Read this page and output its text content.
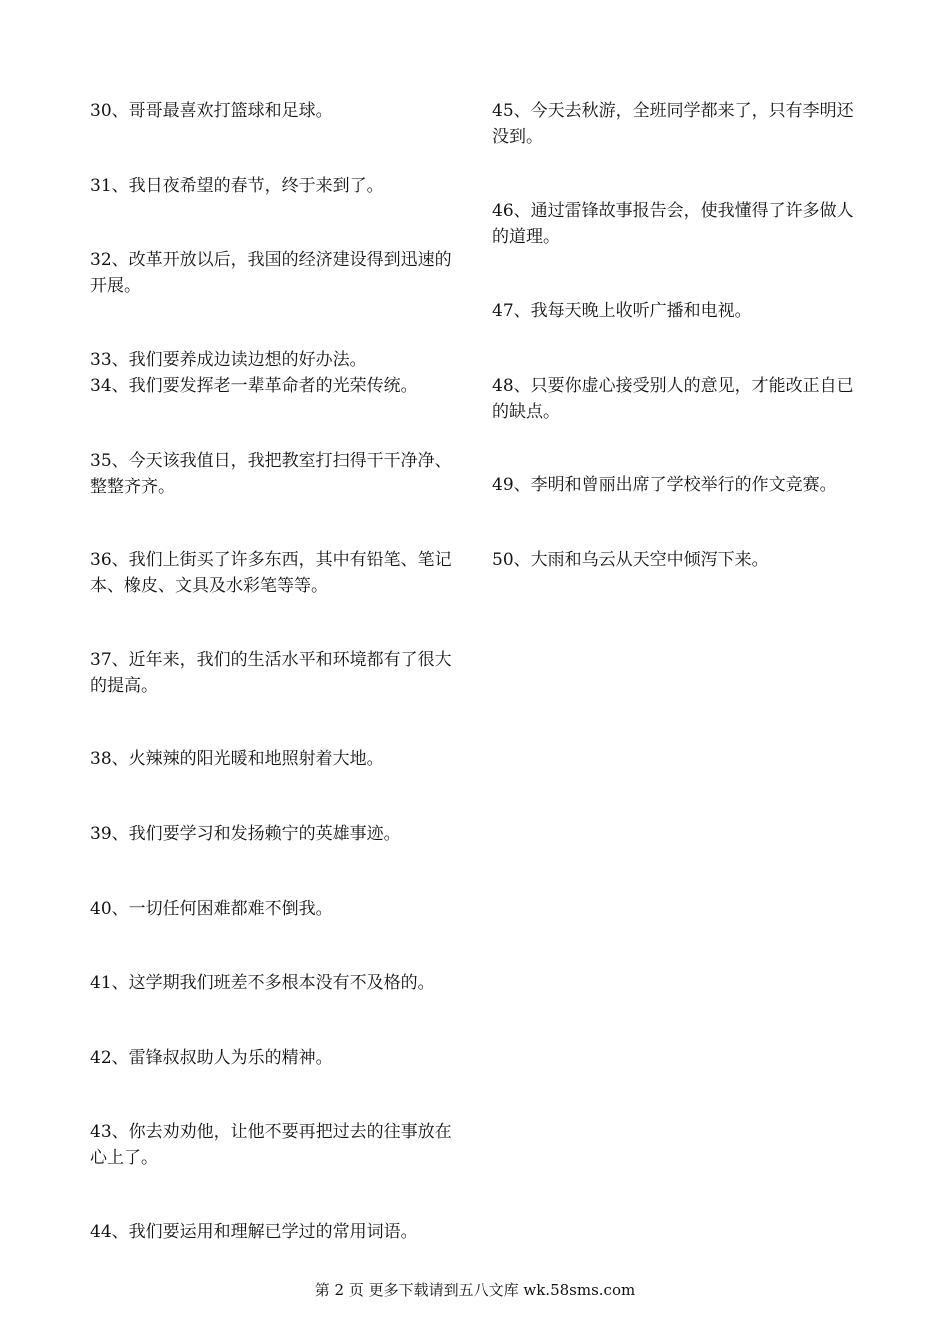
30、哥哥最喜欢打篮球和足球。

31、我日夜希望的春节，终于来到了。

32、改革开放以后，我国的经济建设得到迅速的开展。

33、我们要养成边读边想的好办法。

34、我们要发挥老一辈革命者的光荣传统。

35、今天该我值日，我把教室打扫得干干净净、整整齐齐。

36、我们上街买了许多东西，其中有铅笔、笔记本、橡皮、文具及水彩笔等等。

37、近年来，我们的生活水平和环境都有了很大的提高。

38、火辣辣的阳光暖和地照射着大地。

39、我们要学习和发扬赖宁的英雄事迹。

40、一切任何困难都难不倒我。

41、这学期我们班差不多根本没有不及格的。

42、雷锋叔叔助人为乐的精神。

43、你去劝劝他，让他不要再把过去的往事放在心上了。

44、我们要运用和理解已学过的常用词语。

45、今天去秋游，全班同学都来了，只有李明还没到。

46、通过雷锋故事报告会，使我懂得了许多做人的道理。

47、我每天晚上收听广播和电视。

48、只要你虚心接受别人的意见，才能改正自已的缺点。

49、李明和曾丽出席了学校举行的作文竞赛。

50、大雨和乌云从天空中倾泻下来。

第 2 页 更多下载请到五八文库 wk.58sms.com
